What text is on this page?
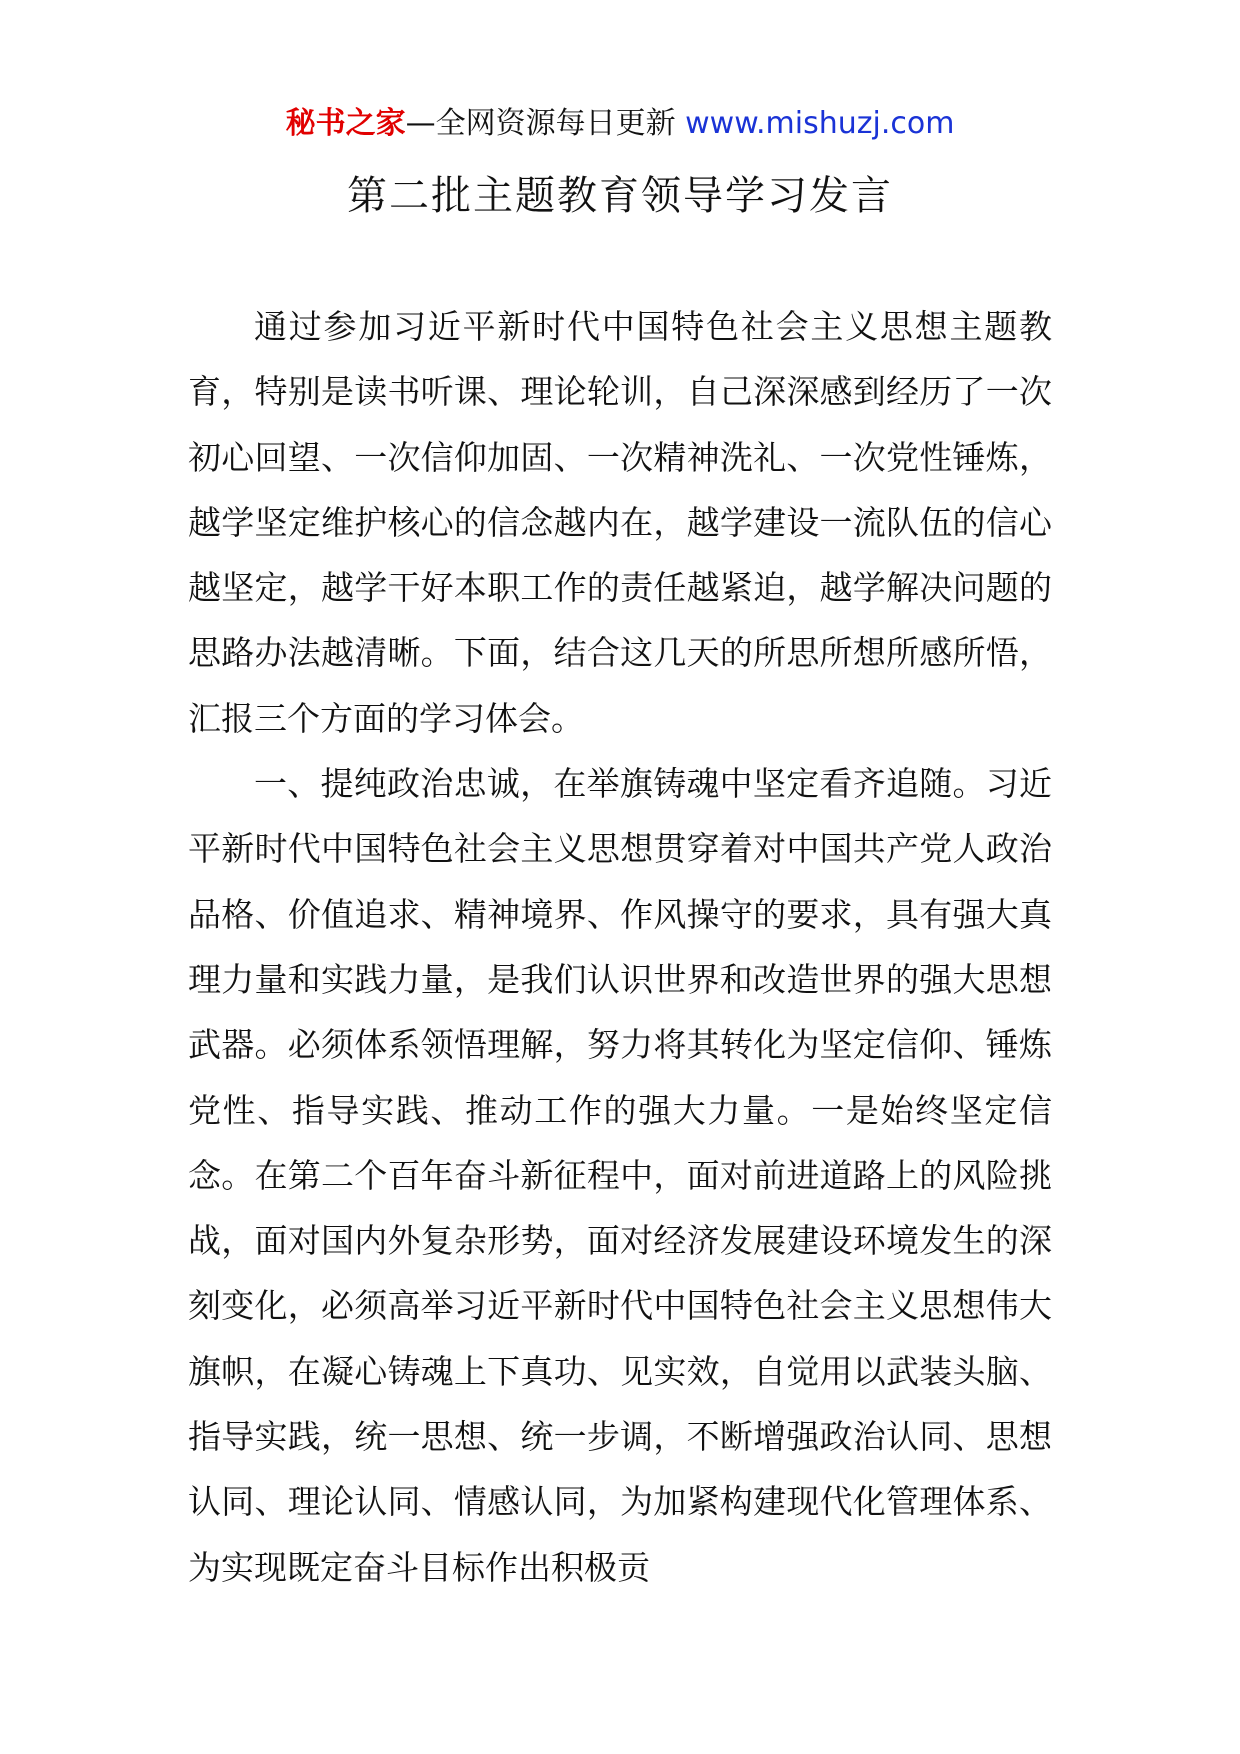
秘书之家—全网资源每日更新 www.mishuzj.com
第二批主题教育领导学习发言

通过参加习近平新时代中国特色社会主义思想主题教育，特别是读书听课、理论轮训，自己深深感到经历了一次初心回望、一次信仰加固、一次精神洗礼、一次党性锤炼，越学坚定维护核心的信念越内在，越学建设一流队伍的信心越坚定，越学干好本职工作的责任越紧迫，越学解决问题的思路办法越清晰。下面，结合这几天的所思所想所感所悟，汇报三个方面的学习体会。

一、提纯政治忠诚，在举旗铸魂中坚定看齐追随。习近平新时代中国特色社会主义思想贯穿着对中国共产党人政治品格、价值追求、精神境界、作风操守的要求，具有强大真理力量和实践力量，是我们认识世界和改造世界的强大思想武器。必须体系领悟理解，努力将其转化为坚定信仰、锤炼党性、指导实践、推动工作的强大力量。一是始终坚定信念。在第二个百年奋斗新征程中，面对前进道路上的风险挑战，面对国内外复杂形势，面对经济发展建设环境发生的深刻变化，必须高举习近平新时代中国特色社会主义思想伟大旗帜，在凝心铸魂上下真功、见实效，自觉用以武装头脑、指导实践，统一思想、统一步调，不断增强政治认同、思想认同、理论认同、情感认同，为加紧构建现代化管理体系、为实现既定奋斗目标作出积极贡
